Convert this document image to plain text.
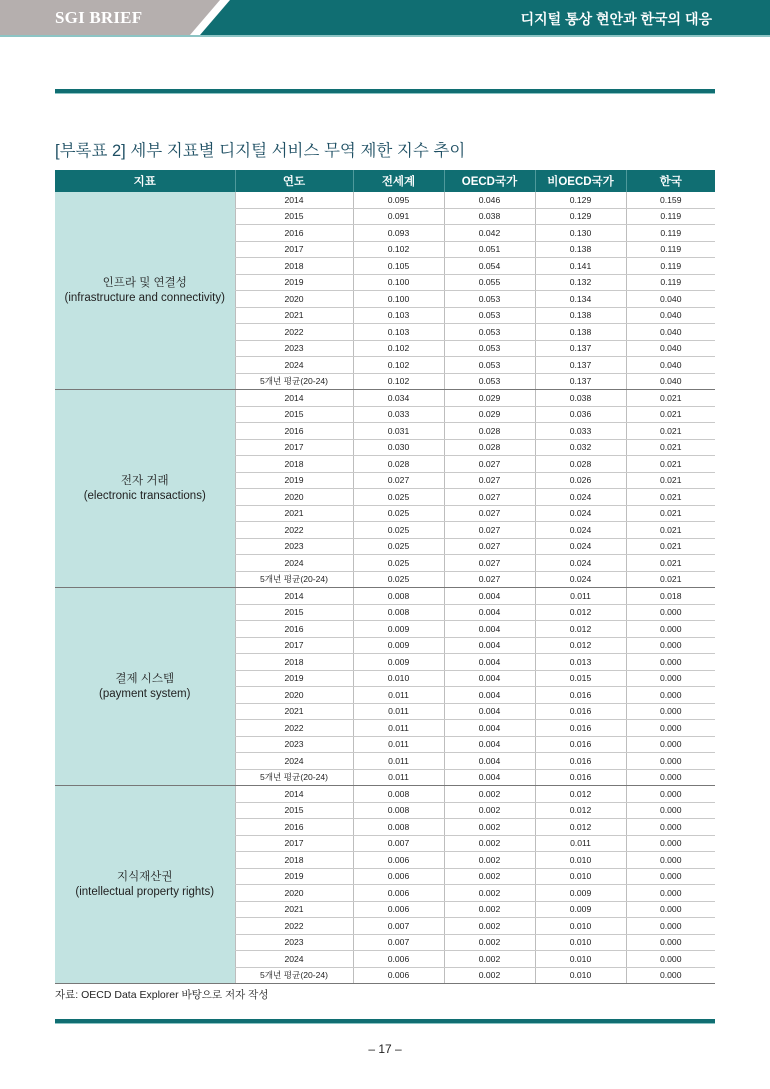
SGI BRIEF	디지털 통상 현안과 한국의 대응
[부록표 2] 세부 지표별 디지털 서비스 무역 제한 지수 추이
지표	연도	전세계	OECD국가	비OECD국가	한국
인프라 및 연결성
(infrastructure and connectivity)	2014	0.095	0.046	0.129	0.159
	2015	0.091	0.038	0.129	0.119
	2016	0.093	0.042	0.130	0.119
	2017	0.102	0.051	0.138	0.119
	2018	0.105	0.054	0.141	0.119
	2019	0.100	0.055	0.132	0.119
	2020	0.100	0.053	0.134	0.040
	2021	0.103	0.053	0.138	0.040
	2022	0.103	0.053	0.138	0.040
	2023	0.102	0.053	0.137	0.040
	2024	0.102	0.053	0.137	0.040
	5개년 평균(20-24)	0.102	0.053	0.137	0.040
전자 거래
(electronic transactions)	2014	0.034	0.029	0.038	0.021
	2015	0.033	0.029	0.036	0.021
	2016	0.031	0.028	0.033	0.021
	2017	0.030	0.028	0.032	0.021
	2018	0.028	0.027	0.028	0.021
	2019	0.027	0.027	0.026	0.021
	2020	0.025	0.027	0.024	0.021
	2021	0.025	0.027	0.024	0.021
	2022	0.025	0.027	0.024	0.021
	2023	0.025	0.027	0.024	0.021
	2024	0.025	0.027	0.024	0.021
	5개년 평균(20-24)	0.025	0.027	0.024	0.021
결제 시스템
(payment system)	2014	0.008	0.004	0.011	0.018
	2015	0.008	0.004	0.012	0.000
	2016	0.009	0.004	0.012	0.000
	2017	0.009	0.004	0.012	0.000
	2018	0.009	0.004	0.013	0.000
	2019	0.010	0.004	0.015	0.000
	2020	0.011	0.004	0.016	0.000
	2021	0.011	0.004	0.016	0.000
	2022	0.011	0.004	0.016	0.000
	2023	0.011	0.004	0.016	0.000
	2024	0.011	0.004	0.016	0.000
	5개년 평균(20-24)	0.011	0.004	0.016	0.000
지식재산권
(intellectual property rights)	2014	0.008	0.002	0.012	0.000
	2015	0.008	0.002	0.012	0.000
	2016	0.008	0.002	0.012	0.000
	2017	0.007	0.002	0.011	0.000
	2018	0.006	0.002	0.010	0.000
	2019	0.006	0.002	0.010	0.000
	2020	0.006	0.002	0.009	0.000
	2021	0.006	0.002	0.009	0.000
	2022	0.007	0.002	0.010	0.000
	2023	0.007	0.002	0.010	0.000
	2024	0.006	0.002	0.010	0.000
	5개년 평균(20-24)	0.006	0.002	0.010	0.000
자료: OECD Data Explorer 바탕으로 저자 작성
– 17 –
